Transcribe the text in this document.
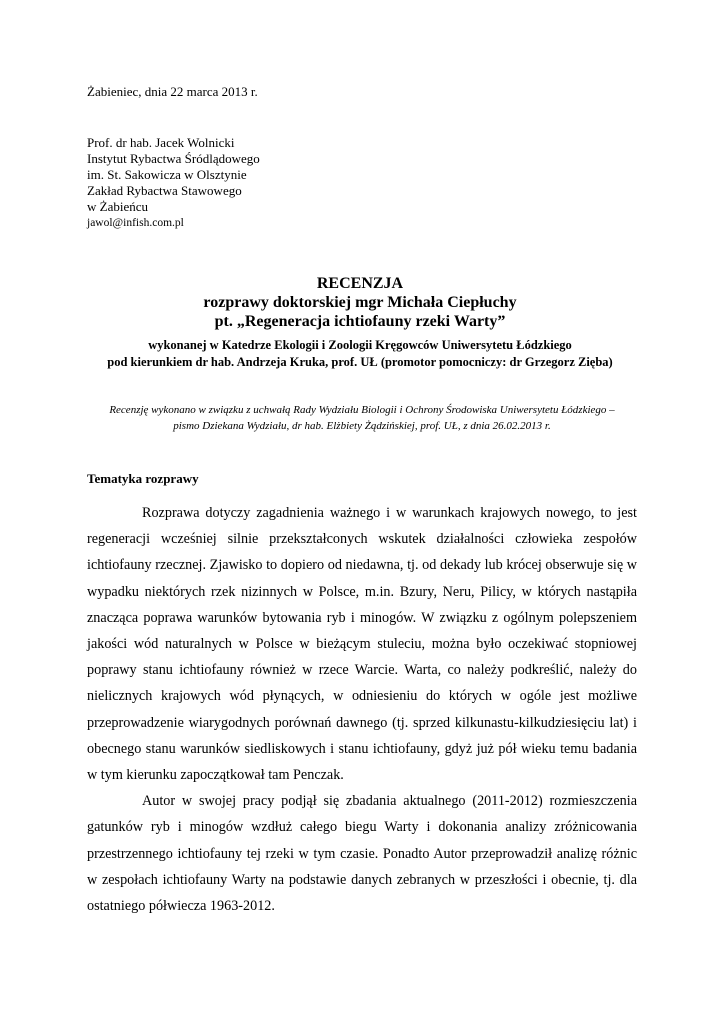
Żabieniec, dnia 22 marca 2013 r.
Prof. dr hab. Jacek Wolnicki
Instytut Rybactwa Śródlądowego
im. St. Sakowicza w Olsztynie
Zakład Rybactwa Stawowego
w Żabieńcu
jawol@infish.com.pl
RECENZJA
rozprawy doktorskiej mgr Michała Ciepłuchy
pt. „Regeneracja ichtiofauny rzeki Warty”
wykonanej w Katedrze Ekologii i Zoologii Kręgowców Uniwersytetu Łódzkiego
pod kierunkiem dr hab. Andrzeja Kruka, prof. UŁ (promotor pomocniczy: dr Grzegorz Zięba)
Recenzję wykonano w związku z uchwałą Rady Wydziału Biologii i Ochrony Środowiska Uniwersytetu Łódzkiego –
pismo Dziekana Wydziału, dr hab. Elżbiety Żądzińskiej, prof. UŁ, z dnia 26.02.2013 r.
Tematyka rozprawy

Rozprawa dotyczy zagadnienia ważnego i w warunkach krajowych nowego, to jest regeneracji wcześniej silnie przekształconych wskutek działalności człowieka zespołów ichtiofauny rzecznej. Zjawisko to dopiero od niedawna, tj. od dekady lub krócej obserwuje się w wypadku niektórych rzek nizinnych w Polsce, m.in. Bzury, Neru, Pilicy, w których nastąpiła znacząca poprawa warunków bytowania ryb i minogów. W związku z ogólnym polepszeniem jakości wód naturalnych w Polsce w bieżącym stuleciu, można było oczekiwać stopniowej poprawy stanu ichtiofauny również w rzece Warcie. Warta, co należy podkreślić, należy do nielicznych krajowych wód płynących, w odniesieniu do których w ogóle jest możliwe przeprowadzenie wiarygodnych porównań dawnego (tj. sprzed kilkunastu-kilkudziesięciu lat) i obecnego stanu warunków siedliskowych i stanu ichtiofauny, gdyż już pół wieku temu badania w tym kierunku zapoczątkował tam Penczak.

Autor w swojej pracy podjął się zbadania aktualnego (2011-2012) rozmieszczenia gatunków ryb i minogów wzdłuż całego biegu Warty i dokonania analizy zróżnicowania przestrzennego ichtiofauny tej rzeki w tym czasie. Ponadto Autor przeprowadził analizę różnic w zespołach ichtiofauny Warty na podstawie danych zebranych w przeszłości i obecnie, tj. dla ostatniego półwiecza 1963-2012.
